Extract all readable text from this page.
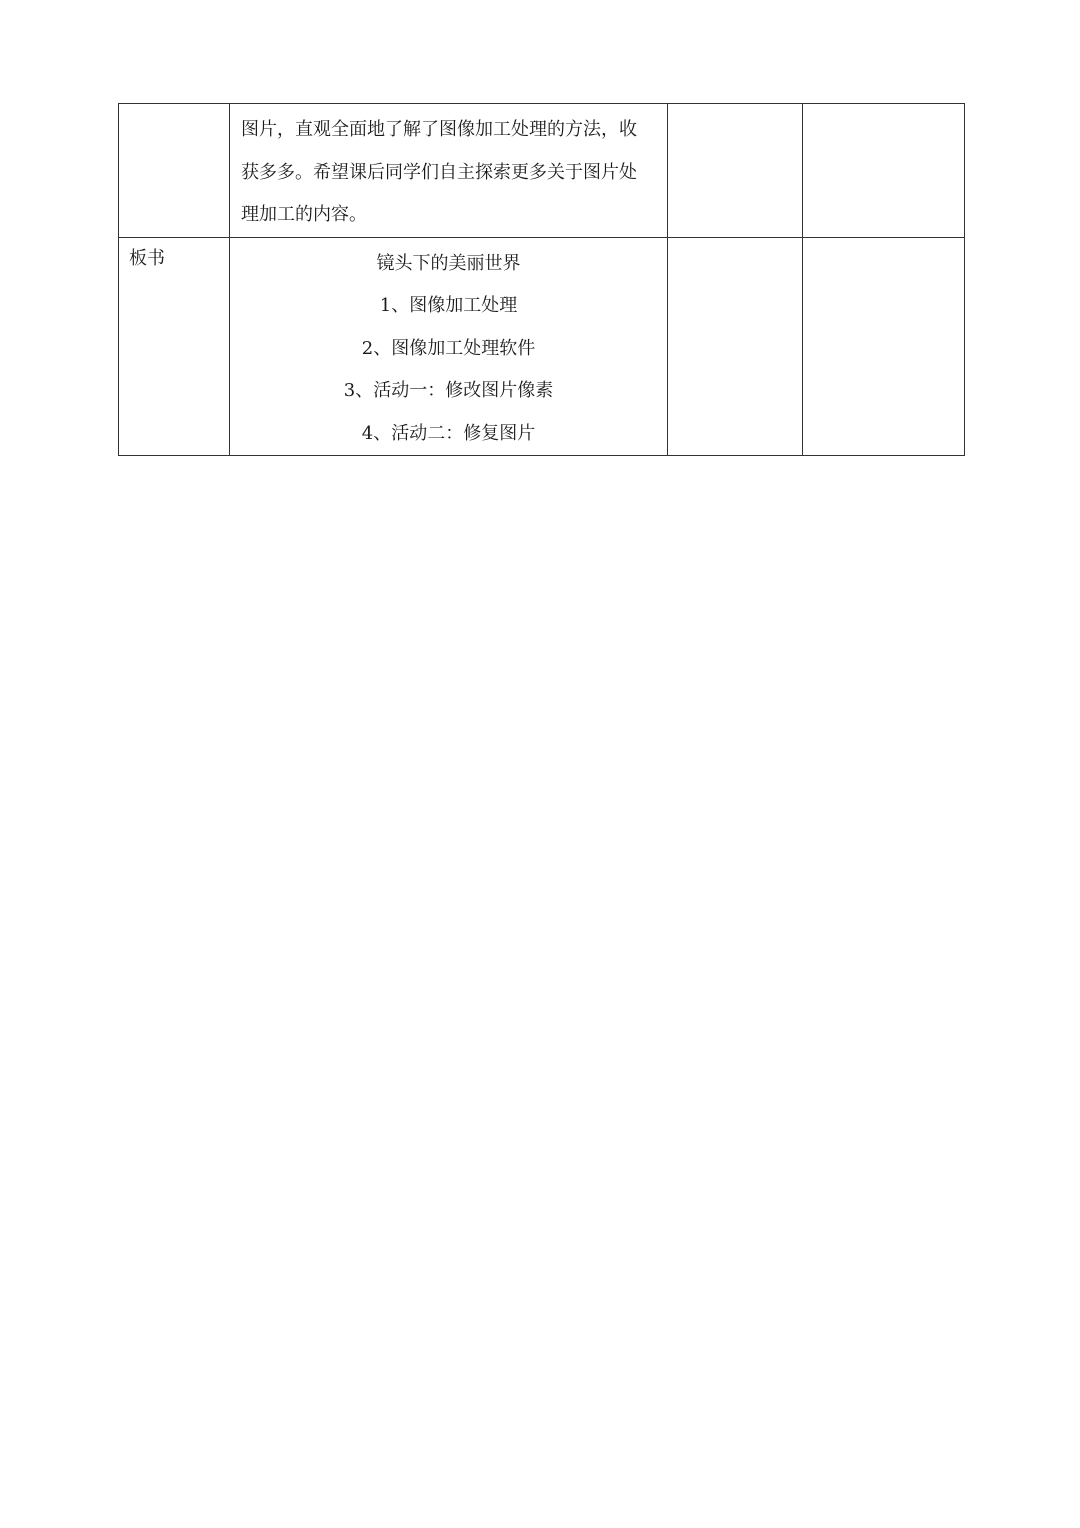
	图片，直观全面地了解了图像加工处理的方法，收
获多多。希望课后同学们自主探索更多关于图片处
理加工的内容。		

板书	镜头下的美丽世界
1、图像加工处理
2、图像加工处理软件
3、活动一：修改图片像素
4、活动二：修复图片		
